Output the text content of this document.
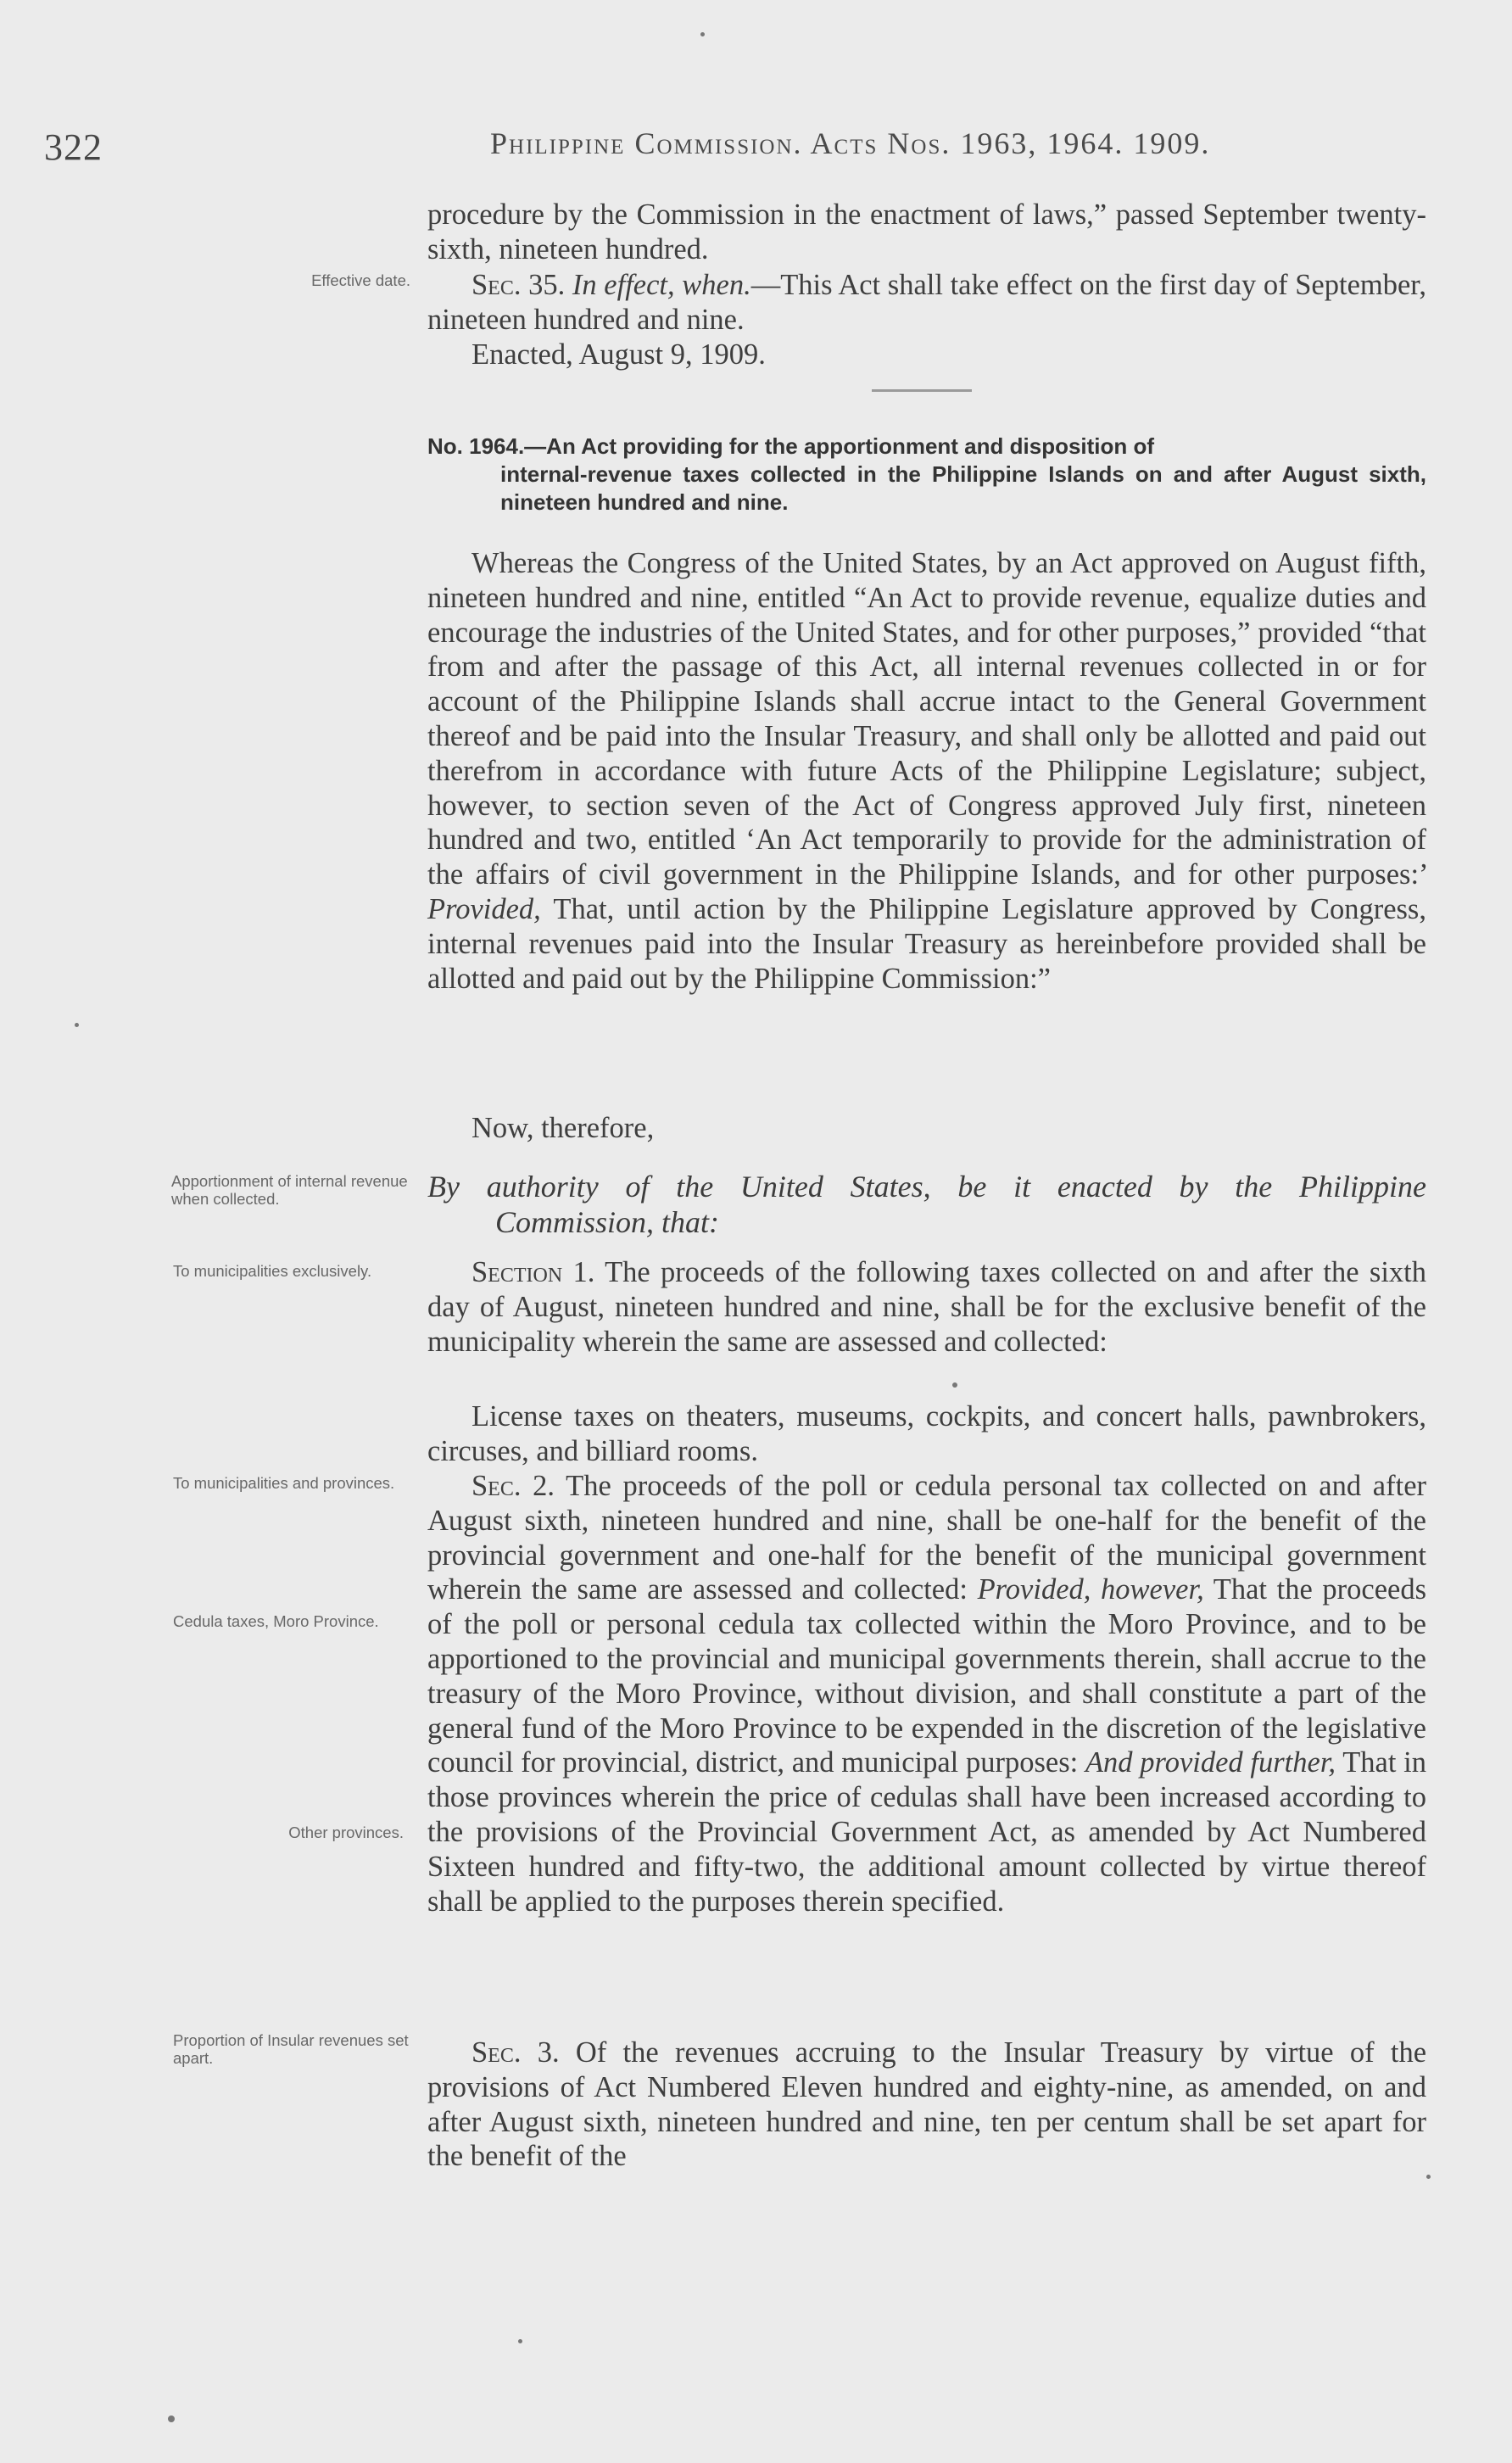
322	Philippine Commission. Acts Nos. 1963, 1964. 1909.
procedure by the Commission in the enactment of laws,” passed September twenty-sixth, nineteen hundred.
Effective date.	Sec. 35. In effect, when.—This Act shall take effect on the first day of September, nineteen hundred and nine.
Enacted, August 9, 1909.
No. 1964.—An Act providing for the apportionment and disposition of
internal-revenue taxes collected in the Philippine Islands on and after August sixth, nineteen hundred and nine.
Whereas the Congress of the United States, by an Act approved on August fifth, nineteen hundred and nine, entitled “An Act to provide revenue, equalize duties and encourage the industries of the United States, and for other purposes,” provided “that from and after the passage of this Act, all internal revenues collected in or for account of the Philippine Islands shall accrue intact to the General Government thereof and be paid into the Insular Treasury, and shall only be allotted and paid out therefrom in accordance with future Acts of the Philippine Legislature; subject, however, to section seven of the Act of Congress approved July first, nineteen hundred and two, entitled ‘An Act temporarily to provide for the administration of the affairs of civil government in the Philippine Islands, and for other purposes:’ Provided, That, until action by the Philippine Legislature approved by Congress, internal revenues paid into the Insular Treasury as hereinbefore provided shall be allotted and paid out by the Philippine Commission:”
Now, therefore,
Apportionment of internal revenue when collected.	By authority of the United States, be it enacted by the Philippine
Commission, that:
To municipalities exclusively.	Section 1. The proceeds of the following taxes collected on and after the sixth day of August, nineteen hundred and nine, shall be for the exclusive benefit of the municipality wherein the same are assessed and collected:
License taxes on theaters, museums, cockpits, and concert halls, pawnbrokers, circuses, and billiard rooms.
To municipalities and provinces.
Cedula taxes, Moro Province.
Other provinces.
Sec. 2. The proceeds of the poll or cedula personal tax collected on and after August sixth, nineteen hundred and nine, shall be one-half for the benefit of the provincial government and one-half for the benefit of the municipal government wherein the same are assessed and collected: Provided, however, That the proceeds of the poll or personal cedula tax collected within the Moro Province, and to be apportioned to the provincial and municipal governments therein, shall accrue to the treasury of the Moro Province, without division, and shall constitute a part of the general fund of the Moro Province to be expended in the discretion of the legislative council for provincial, district, and municipal purposes: And provided further, That in those provinces wherein the price of cedulas shall have been increased according to the provisions of the Provincial Government Act, as amended by Act Numbered Sixteen hundred and fifty-two, the additional amount collected by virtue thereof shall be applied to the purposes therein specified.
Proportion of Insular revenues set apart.	Sec. 3. Of the revenues accruing to the Insular Treasury by virtue of the provisions of Act Numbered Eleven hundred and eighty-nine, as amended, on and after August sixth, nineteen hundred and nine, ten per centum shall be set apart for the benefit of the
